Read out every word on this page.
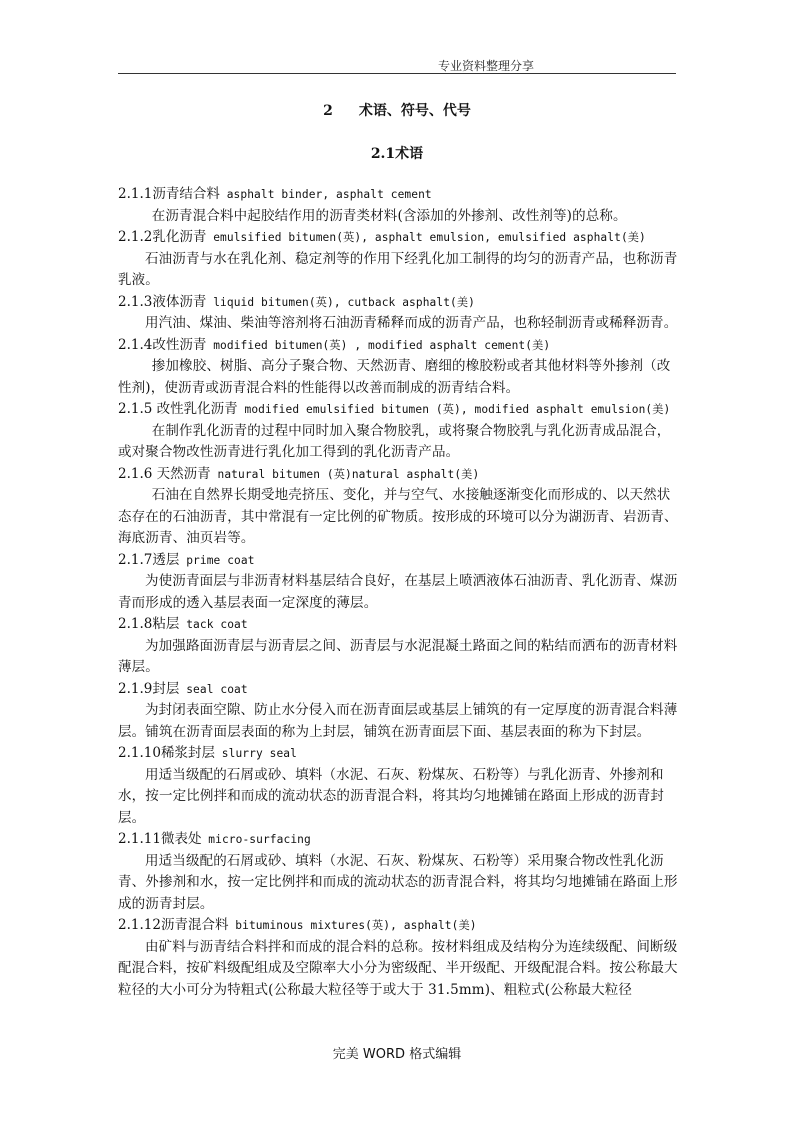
专业资料整理分享
2 术语、符号、代号
2.1术语
2.1.1沥青结合料 asphalt binder, asphalt cement
在沥青混合料中起胶结作用的沥青类材料(含添加的外掺剂、改性剂等)的总称。
2.1.2乳化沥青 emulsified bitumen(英), asphalt emulsion, emulsified asphalt(美)
石油沥青与水在乳化剂、稳定剂等的作用下经乳化加工制得的均匀的沥青产品，也称沥青乳液。
2.1.3液体沥青 liquid bitumen(英), cutback asphalt(美)
用汽油、煤油、柴油等溶剂将石油沥青稀释而成的沥青产品，也称轻制沥青或稀释沥青。
2.1.4改性沥青 modified bitumen(英) , modified asphalt cement(美)
掺加橡胶、树脂、高分子聚合物、天然沥青、磨细的橡胶粉或者其他材料等外掺剂（改性剂)，使沥青或沥青混合料的性能得以改善而制成的沥青结合料。
2.1.5 改性乳化沥青 modified emulsified bitumen (英), modified asphalt emulsion(美)
在制作乳化沥青的过程中同时加入聚合物胶乳，或将聚合物胶乳与乳化沥青成品混合，或对聚合物改性沥青进行乳化加工得到的乳化沥青产品。
2.1.6 天然沥青 natural bitumen (英)natural asphalt(美)
石油在自然界长期受地壳挤压、变化，并与空气、水接触逐渐变化而形成的、以天然状态存在的石油沥青，其中常混有一定比例的矿物质。按形成的环境可以分为湖沥青、岩沥青、海底沥青、油页岩等。
2.1.7透层 prime coat
为使沥青面层与非沥青材料基层结合良好，在基层上喷洒液体石油沥青、乳化沥青、煤沥青而形成的透入基层表面一定深度的薄层。
2.1.8粘层 tack coat
为加强路面沥青层与沥青层之间、沥青层与水泥混凝土路面之间的粘结而洒布的沥青材料薄层。
2.1.9封层 seal coat
为封闭表面空隙、防止水分侵入而在沥青面层或基层上铺筑的有一定厚度的沥青混合料薄层。铺筑在沥青面层表面的称为上封层，铺筑在沥青面层下面、基层表面的称为下封层。
2.1.10稀浆封层 slurry seal
用适当级配的石屑或砂、填料（水泥、石灰、粉煤灰、石粉等）与乳化沥青、外掺剂和水，按一定比例拌和而成的流动状态的沥青混合料，将其均匀地摊铺在路面上形成的沥青封层。
2.1.11微表处 micro-surfacing
用适当级配的石屑或砂、填料（水泥、石灰、粉煤灰、石粉等）采用聚合物改性乳化沥青、外掺剂和水，按一定比例拌和而成的流动状态的沥青混合料，将其均匀地摊铺在路面上形成的沥青封层。
2.1.12沥青混合料 bituminous mixtures(英), asphalt(美)
由矿料与沥青结合料拌和而成的混合料的总称。按材料组成及结构分为连续级配、间断级配混合料，按矿料级配组成及空隙率大小分为密级配、半开级配、开级配混合料。按公称最大粒径的大小可分为特粗式(公称最大粒径等于或大于 31.5mm)、粗粒式(公称最大粒径
完美 WORD 格式编辑
